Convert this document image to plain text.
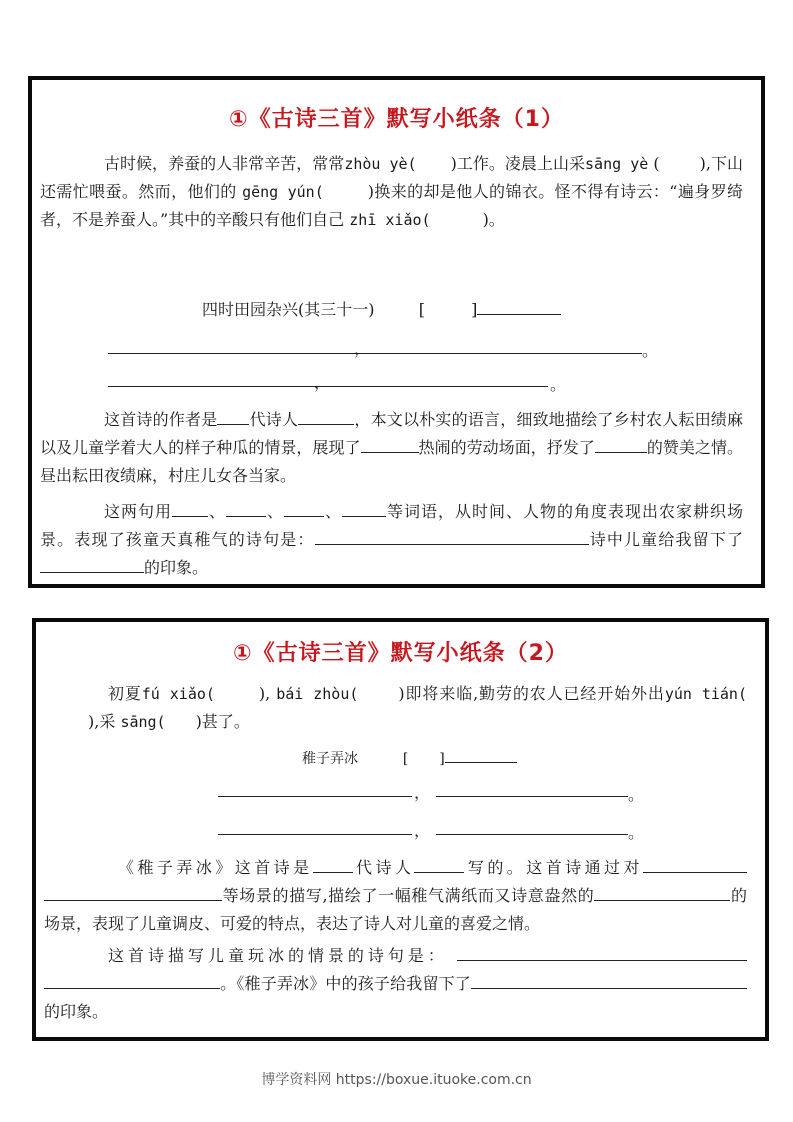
①《古诗三首》默写小纸条（1）
古时候，养蚕的人非常辛苦，常常zhòu yè( )工作。凌晨上山采sāng yè (	),下山还需忙喂蚕。然而，他们的 gēng yún(	)换来的却是他人的锦衣。怪不得有诗云：“遍身罗绮者，不是养蚕人。”其中的辛酸只有他们自己 zhī xiǎo(	)。
四时田园杂兴(其三十一)	[	]
，	。
，	。
这首诗的作者是 代诗人	，本文以朴实的语言，细致地描绘了乡村农人耘田绩麻以及儿童学着大人的样子种瓜的情景，展现了	热闹的劳动场面，抒发了	的赞美之情。 昼出耘田夜绩麻，村庄儿女各当家。
这两句用 、	、	、	等词语，从时间、人物的角度表现出农家耕织场景。表现了孩童天真稚气的诗句是：	诗中儿童给我留下了的印象。
①《古诗三首》默写小纸条（2）
初夏fú xiǎo(	), bái zhòu(	)即将来临,勤劳的农人已经开始外出yún tián(),采 sāng( )甚了。
稚子弄冰	[ ]
，	。
，	。
《稚子弄冰》这首诗是	代诗人	写的。这首诗通过对等场景的描写,描绘了一幅稚气满纸而又诗意盎然的	的场景，表现了儿童调皮、可爱的特点，表达了诗人对儿童的喜爱之情。
这首诗描写儿童玩冰的情景的诗句是： 。《稚子弄冰》中的孩子给我留下了的印象。
博学资料网 https://boxue.ituoke.com.cn
